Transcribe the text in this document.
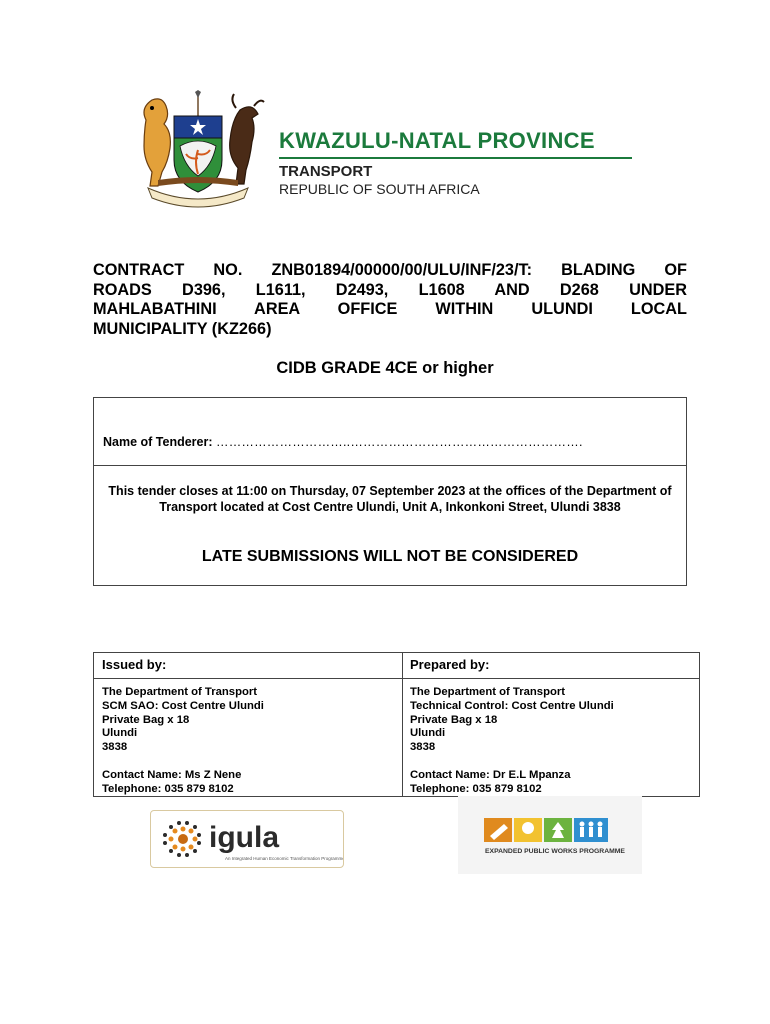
KWAZULU-NATAL PROVINCE
TRANSPORT
REPUBLIC OF SOUTH AFRICA
CONTRACT NO. ZNB01894/00000/00/ULU/INF/23/T: BLADING OF
ROADS D396, L1611, D2493, L1608 AND D268 UNDER
MAHLABATHINI AREA OFFICE WITHIN ULUNDI LOCAL
MUNICIPALITY (KZ266)
CIDB GRADE 4CE or higher
Name of Tenderer: …………………………..……………………………………………….
This tender closes at 11:00 on Thursday, 07 September 2023 at the offices of the Department of Transport located at Cost Centre Ulundi, Unit A, Inkonkoni Street, Ulundi 3838
LATE SUBMISSIONS WILL NOT BE CONSIDERED
Issued by:
The Department of Transport
SCM SAO: Cost Centre Ulundi
Private Bag x 18
Ulundi
3838
Contact Name: Ms Z Nene
Telephone: 035 879 8102
Prepared by:
The Department of Transport
Technical Control: Cost Centre Ulundi
Private Bag x 18
Ulundi
3838
Contact Name: Dr E.L Mpanza
Telephone: 035 879 8102
igula
An Integrated Human Economic Transformation Programme
EXPANDED PUBLIC WORKS PROGRAMME
